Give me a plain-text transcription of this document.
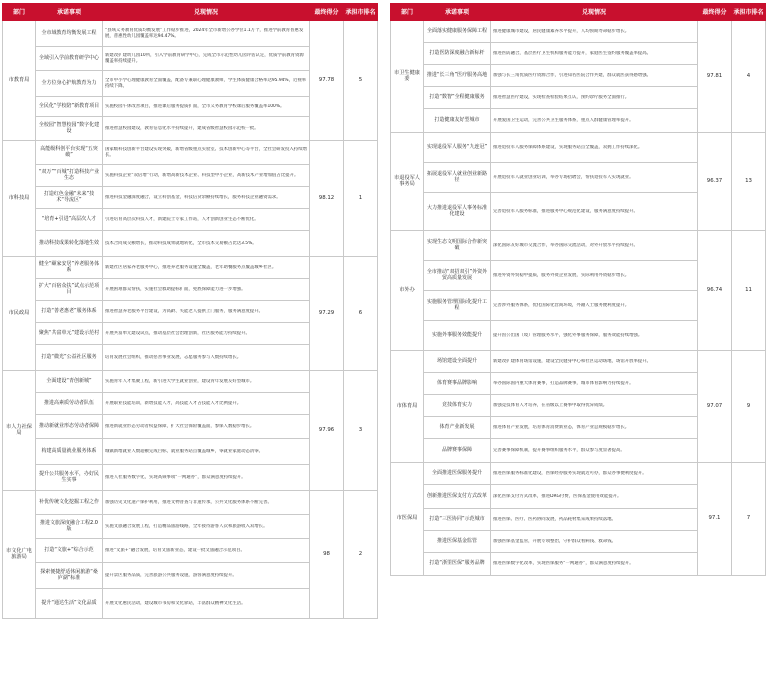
部门	承诺事项	兑现情况	最终得分	承担市排名
市教育局	全市域教育均衡发展工程	“县域义务教育优质均衡发展”工作稳步推进，2024年全市新增公办学位1.1万个，推进学前教育普惠发展，普惠性幼儿园覆盖率达94.47%。	97.78	5
	全域引入学前教育研学中心	新建改扩建幼儿园10所，引入学前教育研学中心，完成全市示范性幼儿园评估认定，优质学前教育资源覆盖率持续提升。		

	全方位身心护航教育为力	全市中小学心理健康教育全面覆盖，配备专兼职心理健康教师，学生体质健康合格率达95.94%，近视率持续下降。		

	全民化“学校陪”新教育项目	实施校园午休改善项目，推进课后服务提质扩面，全市义务教育学校课后服务覆盖率100%。		

	全校园“智慧校园”数字化建设	推进智慧校园建设，教育信息化水平持续提升，建成省级智慧校园示范校一批。		

市科技局	高能级科创平台实现“五突破”	国家级科技创新平台建设实现突破，新增省级重点实验室、技术创新中心等平台，全社会研发投入持续增长。	98.12	1
	“双万”“百城”打造科技产业生态	实施科技企业“双倍增”行动，新增高新技术企业、科技型中小企业，高新技术产业增加值占比提升。		

	打造红色金融“未来”技术“导流区”	推进科技金融深度融合，设立科创基金，科技信贷余额持续增长，服务科技企业融资需求。		

	“培育+引进”高层次人才	引进培育高层次科技人才，新建院士专家工作站，人才创新创业生态不断优化。		

	推动科技成果转化落地生效	技术合同成交额增长，推动科技成果就地转化，全市技术交易额占比达3.5%。		

市民政局	健全“颐家安居”养老服务体系	新建社区居家养老服务中心，推进养老服务设施全覆盖，老年助餐服务点覆盖城乡社区。	97.29	6
	扩大“百宿众扶”试点示范项目	开展困难群众帮扶，实施社会救助提标扩面，兜底保障能力进一步增强。		

	打造“善老惠老”服务体系	推进智慧养老服务平台建设，为高龄、失能老人提供上门服务，服务满意度提升。		

	聚焦“共富单元”建设示范村	开展共富单元建设试点，推动基层社会治理创新，社区服务能力持续提升。		

	打造“微光”公益社区服务	培育发展社会组织，推动慈善事业发展，志愿服务参与人数持续增长。		

市人力社保局	全面建设“青创新城”	实施青年人才集聚工程，新引进大学生就业创业，建设青年发展友好型城市。	97.96	3
	推进高素质劳动者队伍	开展职业技能培训，新增技能人才，高技能人才占技能人才比例提升。		

	推动新就业形态劳动者保障	推进新就业形态劳动者权益保障，扩大社会保险覆盖面，参保人数稳步增长。		

	构建高质量就业服务体系	城镇新增就业人数超额完成目标，就业服务站点覆盖城乡，零就业家庭动态清零。		

	提升公共服务水平，办好民生实事	推进人社服务数字化，实现高频事项“一网通办”，群众满意度持续提升。		

市文化广电旅游局	补优传统文化挖掘工程之作	加强历史文化遗产保护利用，推进文物普查与非遗传承，公共文化服务体系不断完善。	98	2
	推进文旅深度融合工程2.0版	实施文旅融合发展工程，打造精品旅游线路，全年接待游客人次和旅游收入双增长。		

	打造“文旅+”综合示范	推进“文旅+”融合发展，培育文旅新业态，建设一批文旅融合示范项目。		

	探索便捷舒适休闲旅游“桑庐湖”标准	提升景区服务品质，完善旅游公共服务设施，游客满意度持续提升。		

	提升“通达生活”文化品质	开展文化惠民活动，建设城市书房和文化驿站，丰富群众精神文化生活。		
部门	承诺事项	兑现情况	最终得分	承担市排名
市卫生健康委	全面落实健康服务保障工程	推进健康城市建设，居民健康素养水平提升，人均预期寿命稳步增长。	97.81	4
	打造医防深度融合新标杆	推进医防融合，基层医疗卫生机构服务能力提升，家庭医生签约服务覆盖率提高。		

	推进“长三角”医疗服务高地	加强与长三角优质医疗资源合作，引进知名医院合作共建，群众就医获得感增强。		

	打造“数智”全程健康服务	推进智慧医疗建设，实现检查检验结果互认，预约诊疗服务全面推行。		

	打造健康友好型城市	开展爱国卫生运动，完善公共卫生服务体系，重点人群健康管理率提升。		

市退役军人事务局	实现退役军人服务“九连冠”	推进退役军人服务保障体系建设，实现服务站点全覆盖，双拥工作持续深化。	96.37	13
	拓展退役军人就业创业新路径	开展退役军人就业创业培训，举办专场招聘会，帮扶退役军人实现就业。		

	大力推进退役军人事务标准化建设	完善退役军人服务标准，推进服务中心规范化建设，服务满意度持续提升。		

市外办	实现生态文明国际合作新突破	深化国际友好城市交流合作，举办国际交流活动，对外开放水平持续提升。	96.74	11
	全市推动“双招双引”外资外贸高质量发展	推进外资外贸稳中提质，服务外资企业发展，实际利用外资稳步增长。		

	实施服务管理国际化提升工程	完善涉外服务体系，优化国际化营商环境，外籍人士服务便利度提升。		

	实施外事服务效能提升	提升因公出国（境）管理服务水平，强化外事服务保障，服务效能持续增强。		

市体育局	场馆建设全面提升	新建改扩建体育场馆设施，建设全民健身中心和社区运动场地，场馆开放率提升。	97.07	9
	体育赛事品牌影响	举办国际国内重大体育赛事，打造品牌赛事，城市体育影响力持续提升。		

	竞技体育实力	加强竞技体育人才培养，在省级以上赛事中取得优异成绩。		

	体育产业新发展	推进体育产业发展，培育体育消费新业态，体育产业总规模稳步增长。		

	品牌赛事保障	完善赛事保障机制，提升赛事组织服务水平，群众参与度显著提高。		

市医保局	全面推进医保服务提升	推进医保服务标准化建设，医保经办服务实现就近可办，群众办事便利度提升。	97.1	7
	创新推进医保支付方式改革	深化医保支付方式改革，推进DRG付费，医保基金使用效能提升。		

	打造“三医协同”示范城市	推进医保、医疗、医药协同发展，药品耗材集采成果持续落地。		

	推进医保基金监管	加强医保基金监管，开展专项整治，守护群众看病钱、救命钱。		

	打造“浙里医保”服务品牌	推进医保数字化改革，实现医保服务“一网通办”，群众满意度持续提升。		
